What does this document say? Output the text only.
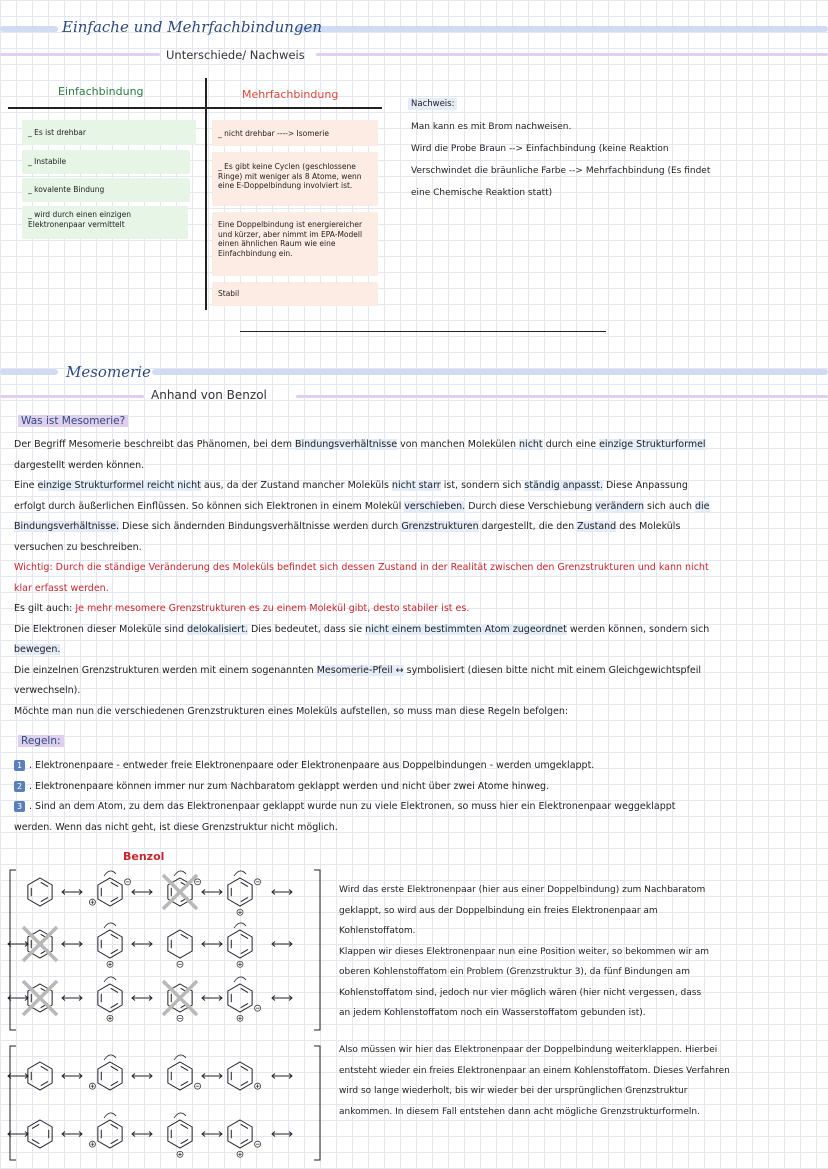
Einfache und Mehrfachbindungen
Unterschiede/ Nachweis
Einfachbindung	Mehrfachbindung
_ Es ist drehbar
_ Instabile
_ kovalente Bindung
_ wird durch einen einzigen Elektronenpaar vermittelt
_ nicht drehbar ----> Isomerie
_ Es gibt keine Cyclen (geschlossene Ringe) mit weniger als 8 Atome, wenn eine E-Doppelbindung involviert ist.
Eine Doppelbindung ist energiereicher und kürzer, aber nimmt im EPA-Modell einen ähnlichen Raum wie eine Einfachbindung ein.
Stabil
Nachweis:
Man kann es mit Brom nachweisen.
Wird die Probe Braun --> Einfachbindung (keine Reaktion
Verschwindet die bräunliche Farbe --> Mehrfachbindung (Es findet
eine Chemische Reaktion statt)
Mesomerie
Anhand von Benzol
Was ist Mesomerie?
Der Begriff Mesomerie beschreibt das Phänomen, bei dem Bindungsverhältnisse von manchen Molekülen nicht durch eine einzige Strukturformel
dargestellt werden können.
Eine einzige Strukturformel reicht nicht aus, da der Zustand mancher Moleküls nicht starr ist, sondern sich ständig anpasst. Diese Anpassung
erfolgt durch äußerlichen Einflüssen. So können sich Elektronen in einem Molekül verschieben. Durch diese Verschiebung verändern sich auch die
Bindungsverhältnisse. Diese sich ändernden Bindungsverhältnisse werden durch Grenzstrukturen dargestellt, die den Zustand des Moleküls
versuchen zu beschreiben.
Wichtig: Durch die ständige Veränderung des Moleküls befindet sich dessen Zustand in der Realität zwischen den Grenzstrukturen und kann nicht
klar erfasst werden.
Es gilt auch: Je mehr mesomere Grenzstrukturen es zu einem Molekül gibt, desto stabiler ist es.
Die Elektronen dieser Moleküle sind delokalisiert. Dies bedeutet, dass sie nicht einem bestimmten Atom zugeordnet werden können, sondern sich
bewegen.
Die einzelnen Grenzstrukturen werden mit einem sogenannten Mesomerie-Pfeil ↔ symbolisiert (diesen bitte nicht mit einem Gleichgewichtspfeil
verwechseln).
Möchte man nun die verschiedenen Grenzstrukturen eines Moleküls aufstellen, so muss man diese Regeln befolgen:
Regeln:
1 . Elektronenpaare - entweder freie Elektronenpaare oder Elektronenpaare aus Doppelbindungen - werden umgeklappt.
2 . Elektronenpaare können immer nur zum Nachbaratom geklappt werden und nicht über zwei Atome hinweg.
3 . Sind an dem Atom, zu dem das Elektronenpaar geklappt wurde nun zu viele Elektronen, so muss hier ein Elektronenpaar weggeklappt
werden. Wenn das nicht geht, ist diese Grenzstruktur nicht möglich.
Benzol
Wird das erste Elektronenpaar (hier aus einer Doppelbindung) zum Nachbaratom
geklappt, so wird aus der Doppelbindung ein freies Elektronenpaar am
Kohlenstoffatom.
Klappen wir dieses Elektronenpaar nun eine Position weiter, so bekommen wir am
oberen Kohlenstoffatom ein Problem (Grenzstruktur 3), da fünf Bindungen am
Kohlenstoffatom sind, jedoch nur vier möglich wären (hier nicht vergessen, dass
an jedem Kohlenstoffatom noch ein Wasserstoffatom gebunden ist).
Also müssen wir hier das Elektronenpaar der Doppelbindung weiterklappen. Hierbei
entsteht wieder ein freies Elektronenpaar an einem Kohlenstoffatom. Dieses Verfahren
wird so lange wiederholt, bis wir wieder bei der ursprünglichen Grenzstruktur
ankommen. In diesem Fall entstehen dann acht mögliche Grenzstrukturformeln.
